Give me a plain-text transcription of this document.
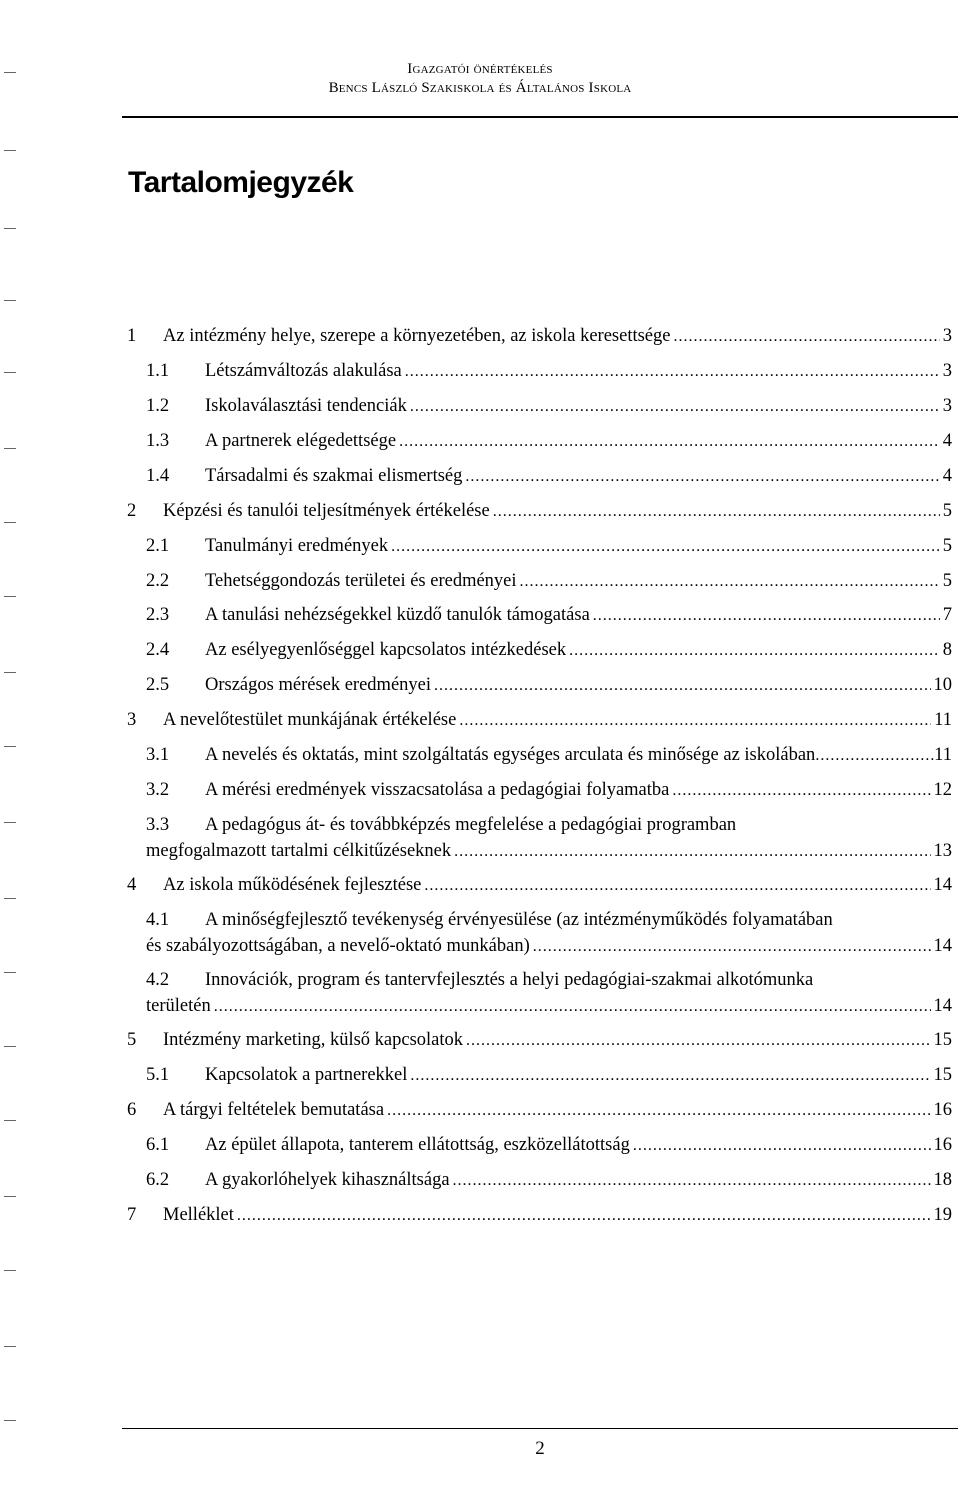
Igazgatói önértékelés
Bencs László Szakiskola és Általános Iskola
Tartalomjegyzék
1 Az intézmény helye, szerepe a környezetében, az iskola keresettsége .....	3
1.1 Létszámváltozás alakulása .....	3
1.2 Iskolaválasztási tendenciák .....	3
1.3 A partnerek elégedettsége .....	4
1.4 Társadalmi és szakmai elismertség .....	4
2 Képzési és tanulói teljesítmények értékelése .....	5
2.1 Tanulmányi eredmények .....	5
2.2 Tehetséggondozás területei és eredményei .....	5
2.3 A tanulási nehézségekkel küzdő tanulók támogatása .....	7
2.4 Az esélyegyenlőséggel kapcsolatos intézkedések .....	8
2.5 Országos mérések eredményei .....	10
3 A nevelőtestület munkájának értékelése .....	11
3.1 A nevelés és oktatás, mint szolgáltatás egységes arculata és minősége az iskolában .....	11
3.2 A mérési eredmények visszacsatolása a pedagógiai folyamatba .....	12
3.3 A pedagógus át- és továbbképzés megfelelése a pedagógiai programban
megfogalmazott tartalmi célkitűzéseknek .....	13
4 Az iskola működésének fejlesztése .....	14
4.1 A minőségfejlesztő tevékenység érvényesülése (az intézményműködés folyamatában
és szabályozottságában, a nevelő-oktató munkában) .....	14
4.2 Innovációk, program és tantervfejlesztés a helyi pedagógiai-szakmai alkotómunka
területén .....	14
5 Intézmény marketing, külső kapcsolatok .....	15
5.1 Kapcsolatok a partnerekkel .....	15
6 A tárgyi feltételek bemutatása .....	16
6.1 Az épület állapota, tanterem ellátottság, eszközellátottság .....	16
6.2 A gyakorlóhelyek kihasználtsága .....	18
7 Melléklet .....	19
2
